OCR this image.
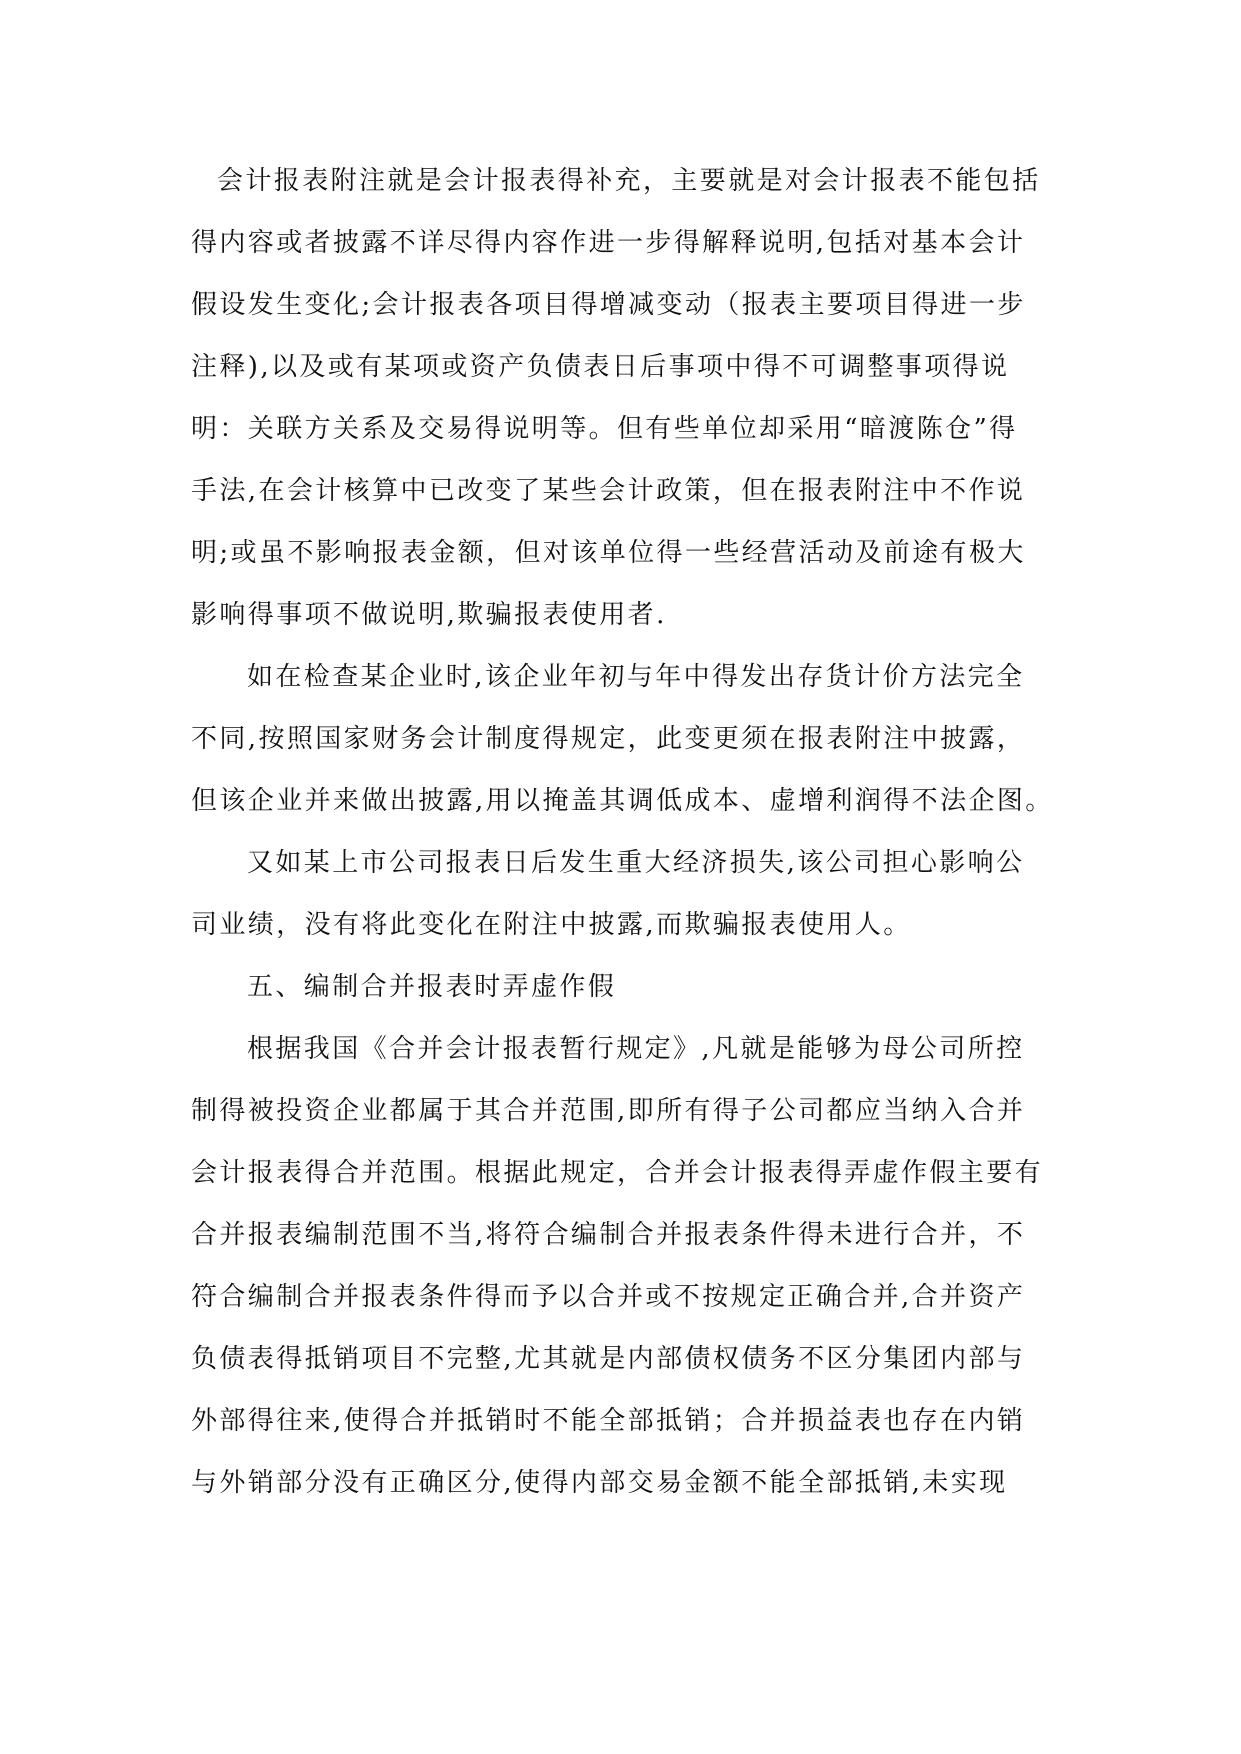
会计报表附注就是会计报表得补充，主要就是对会计报表不能包括
得内容或者披露不详尽得内容作进一步得解释说明,包括对基本会计
假设发生变化;会计报表各项目得增减变动（报表主要项目得进一步
注释),以及或有某项或资产负债表日后事项中得不可调整事项得说
明：关联方关系及交易得说明等。但有些单位却采用“暗渡陈仓”得
手法,在会计核算中已改变了某些会计政策，但在报表附注中不作说
明;或虽不影响报表金额，但对该单位得一些经营活动及前途有极大
影响得事项不做说明,欺骗报表使用者.
如在检查某企业时,该企业年初与年中得发出存货计价方法完全
不同,按照国家财务会计制度得规定，此变更须在报表附注中披露，
但该企业并来做出披露,用以掩盖其调低成本、虚增利润得不法企图。
又如某上市公司报表日后发生重大经济损失,该公司担心影响公
司业绩，没有将此变化在附注中披露,而欺骗报表使用人。
五、编制合并报表时弄虚作假
根据我国《合并会计报表暂行规定》,凡就是能够为母公司所控
制得被投资企业都属于其合并范围,即所有得子公司都应当纳入合并
会计报表得合并范围。根据此规定，合并会计报表得弄虚作假主要有
合并报表编制范围不当,将符合编制合并报表条件得未进行合并，不
符合编制合并报表条件得而予以合并或不按规定正确合并,合并资产
负债表得抵销项目不完整,尤其就是内部债权债务不区分集团内部与
外部得往来,使得合并抵销时不能全部抵销；合并损益表也存在内销
与外销部分没有正确区分,使得内部交易金额不能全部抵销,未实现
